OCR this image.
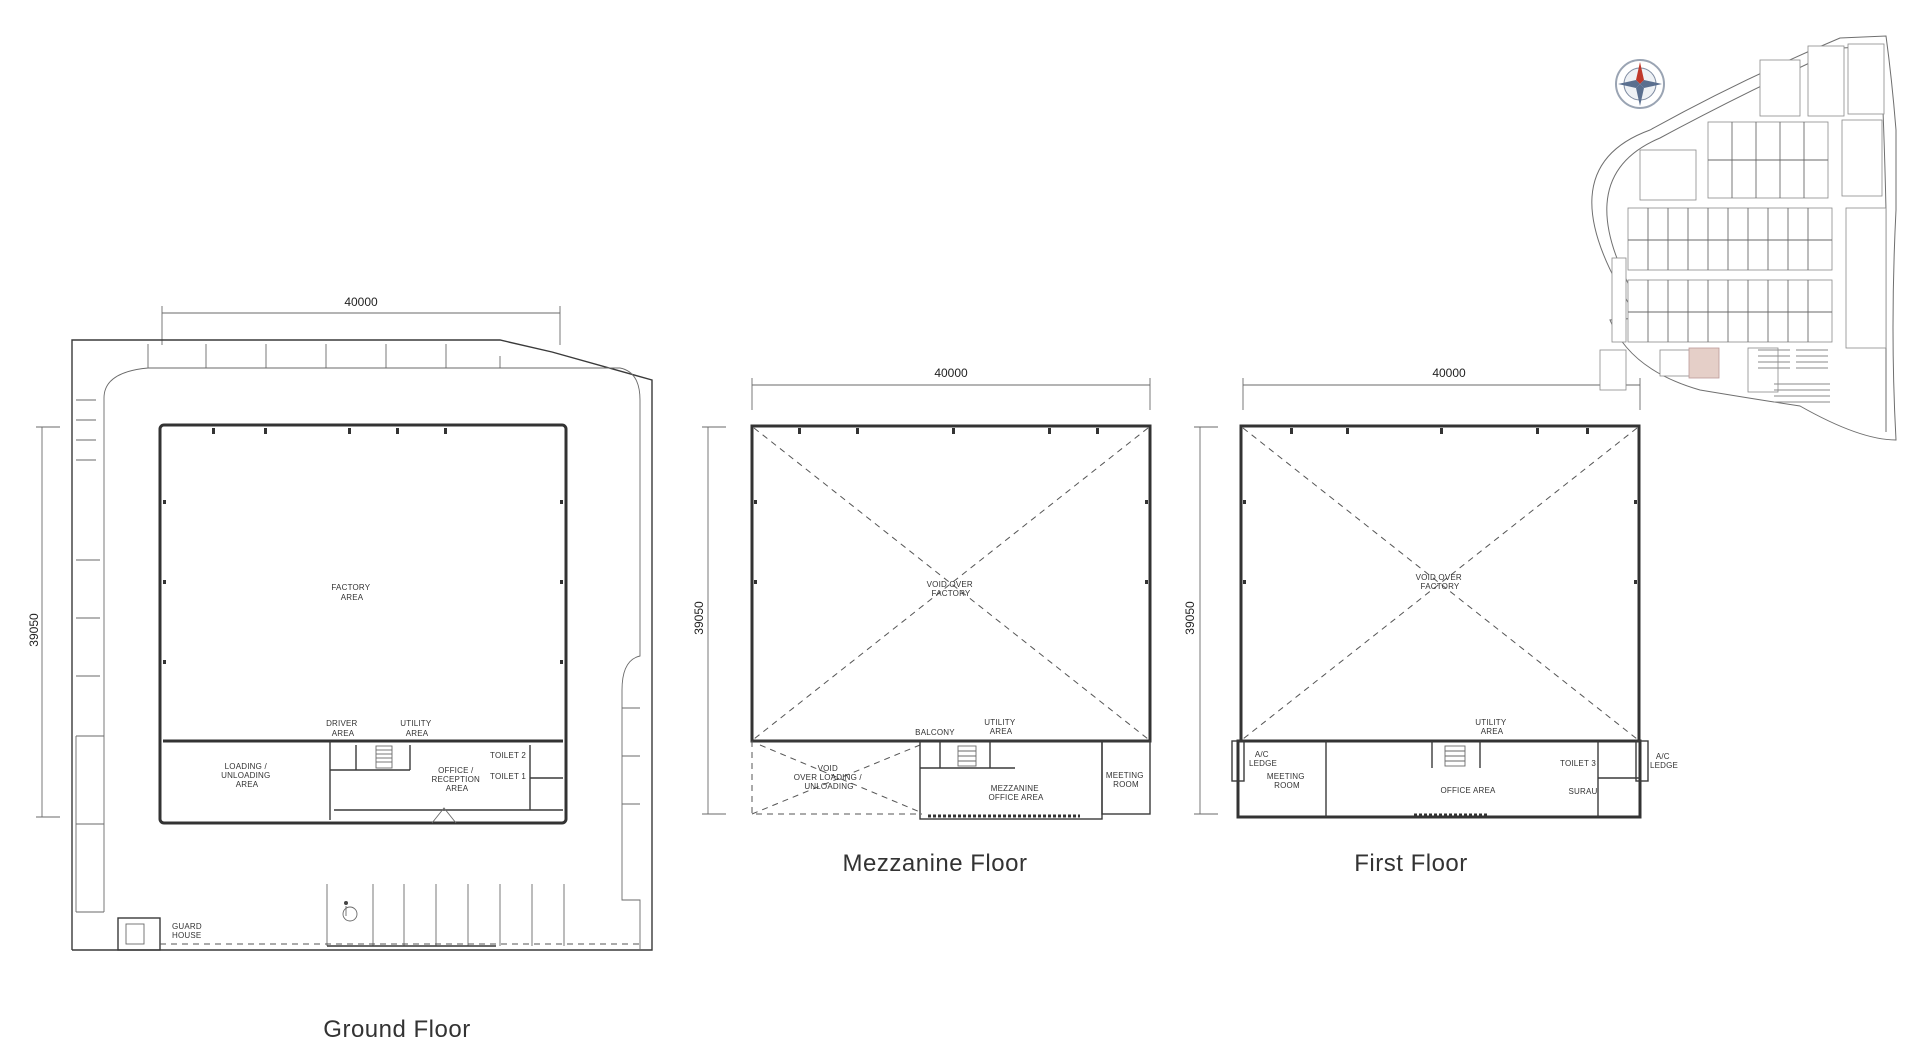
40000
39050
FACTORY AREA
DRIVER AREA
UTILITY AREA
LOADING / UNLOADING AREA
OFFICE / RECEPTION AREA
TOILET 2
TOILET 1
GUARD HOUSE
Ground Floor
40000
39050
VOID OVER FACTORY
BALCONY
UTILITY AREA
VOID OVER LOADING / UNLOADING	MEZZANINE OFFICE AREA
MEETING ROOM
Mezzanine Floor
40000
39050
VOID OVER FACTORY
UTILITY AREA
A/C LEDGE
MEETING ROOM
OFFICE AREA
TOILET 3
SURAU
A/C LEDGE
First Floor
